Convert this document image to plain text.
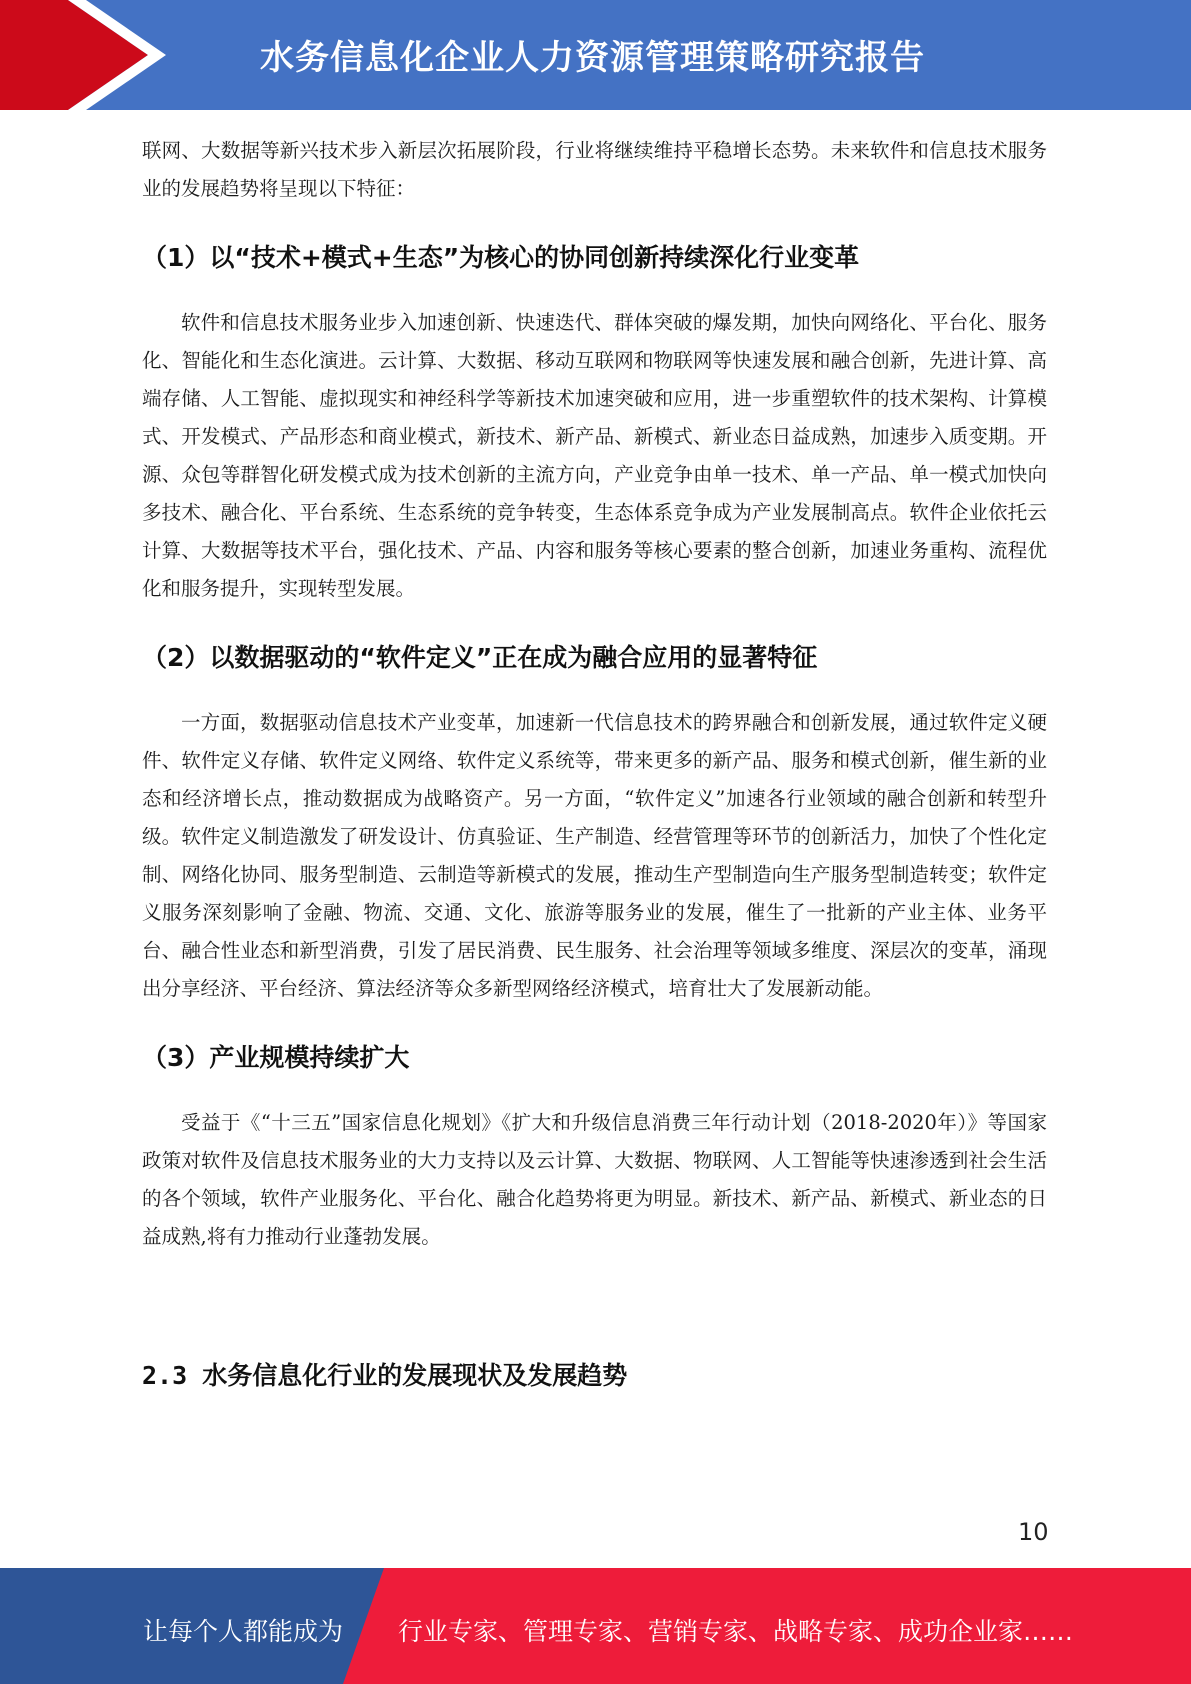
水务信息化企业人力资源管理策略研究报告

联网、大数据等新兴技术步入新层次拓展阶段，行业将继续维持平稳增长态势。未来软件和信息技术服务业的发展趋势将呈现以下特征：

（1）以“技术+模式+生态”为核心的协同创新持续深化行业变革

软件和信息技术服务业步入加速创新、快速迭代、群体突破的爆发期，加快向网络化、平台化、服务化、智能化和生态化演进。云计算、大数据、移动互联网和物联网等快速发展和融合创新，先进计算、高端存储、人工智能、虚拟现实和神经科学等新技术加速突破和应用，进一步重塑软件的技术架构、计算模式、开发模式、产品形态和商业模式，新技术、新产品、新模式、新业态日益成熟，加速步入质变期。开源、众包等群智化研发模式成为技术创新的主流方向，产业竞争由单一技术、单一产品、单一模式加快向多技术、融合化、平台系统、生态系统的竞争转变，生态体系竞争成为产业发展制高点。软件企业依托云计算、大数据等技术平台，强化技术、产品、内容和服务等核心要素的整合创新，加速业务重构、流程优化和服务提升，实现转型发展。

（2）以数据驱动的“软件定义”正在成为融合应用的显著特征

一方面，数据驱动信息技术产业变革，加速新一代信息技术的跨界融合和创新发展，通过软件定义硬件、软件定义存储、软件定义网络、软件定义系统等，带来更多的新产品、服务和模式创新，催生新的业态和经济增长点，推动数据成为战略资产。另一方面，“软件定义”加速各行业领域的融合创新和转型升级。软件定义制造激发了研发设计、仿真验证、生产制造、经营管理等环节的创新活力，加快了个性化定制、网络化协同、服务型制造、云制造等新模式的发展，推动生产型制造向生产服务型制造转变；软件定义服务深刻影响了金融、物流、交通、文化、旅游等服务业的发展，催生了一批新的产业主体、业务平台、融合性业态和新型消费，引发了居民消费、民生服务、社会治理等领域多维度、深层次的变革，涌现出分享经济、平台经济、算法经济等众多新型网络经济模式，培育壮大了发展新动能。

（3）产业规模持续扩大

受益于《“十三五”国家信息化规划》《扩大和升级信息消费三年行动计划（2018-2020年）》等国家政策对软件及信息技术服务业的大力支持以及云计算、大数据、物联网、人工智能等快速渗透到社会生活的各个领域，软件产业服务化、平台化、融合化趋势将更为明显。新技术、新产品、新模式、新业态的日益成熟,将有力推动行业蓬勃发展。

2.3 水务信息化行业的发展现状及发展趋势
10
让每个人都能成为 行业专家、管理专家、营销专家、战略专家、成功企业家……
